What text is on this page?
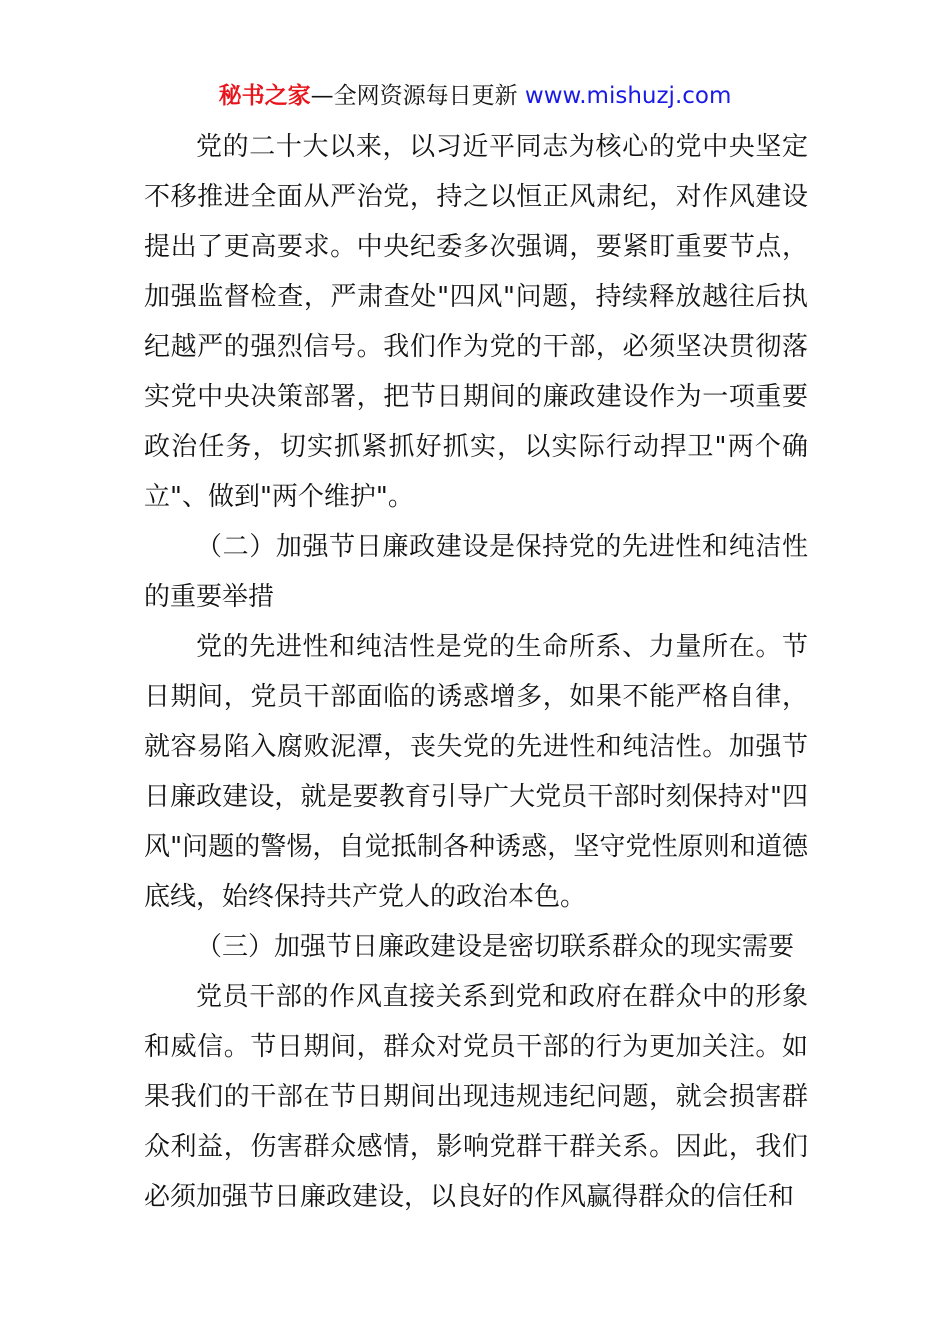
秘书之家—全网资源每日更新 www.mishuzj.com

党的二十大以来，以习近平同志为核心的党中央坚定不移推进全面从严治党，持之以恒正风肃纪，对作风建设提出了更高要求。中央纪委多次强调，要紧盯重要节点，加强监督检查，严肃查处"四风"问题，持续释放越往后执纪越严的强烈信号。我们作为党的干部，必须坚决贯彻落实党中央决策部署，把节日期间的廉政建设作为一项重要政治任务，切实抓紧抓好抓实，以实际行动捍卫"两个确立"、做到"两个维护"。

（二）加强节日廉政建设是保持党的先进性和纯洁性的重要举措

党的先进性和纯洁性是党的生命所系、力量所在。节日期间，党员干部面临的诱惑增多，如果不能严格自律，就容易陷入腐败泥潭，丧失党的先进性和纯洁性。加强节日廉政建设，就是要教育引导广大党员干部时刻保持对"四风"问题的警惕，自觉抵制各种诱惑，坚守党性原则和道德底线，始终保持共产党人的政治本色。

（三）加强节日廉政建设是密切联系群众的现实需要

党员干部的作风直接关系到党和政府在群众中的形象和威信。节日期间，群众对党员干部的行为更加关注。如果我们的干部在节日期间出现违规违纪问题，就会损害群众利益，伤害群众感情，影响党群干群关系。因此，我们必须加强节日廉政建设，以良好的作风赢得群众的信任和
